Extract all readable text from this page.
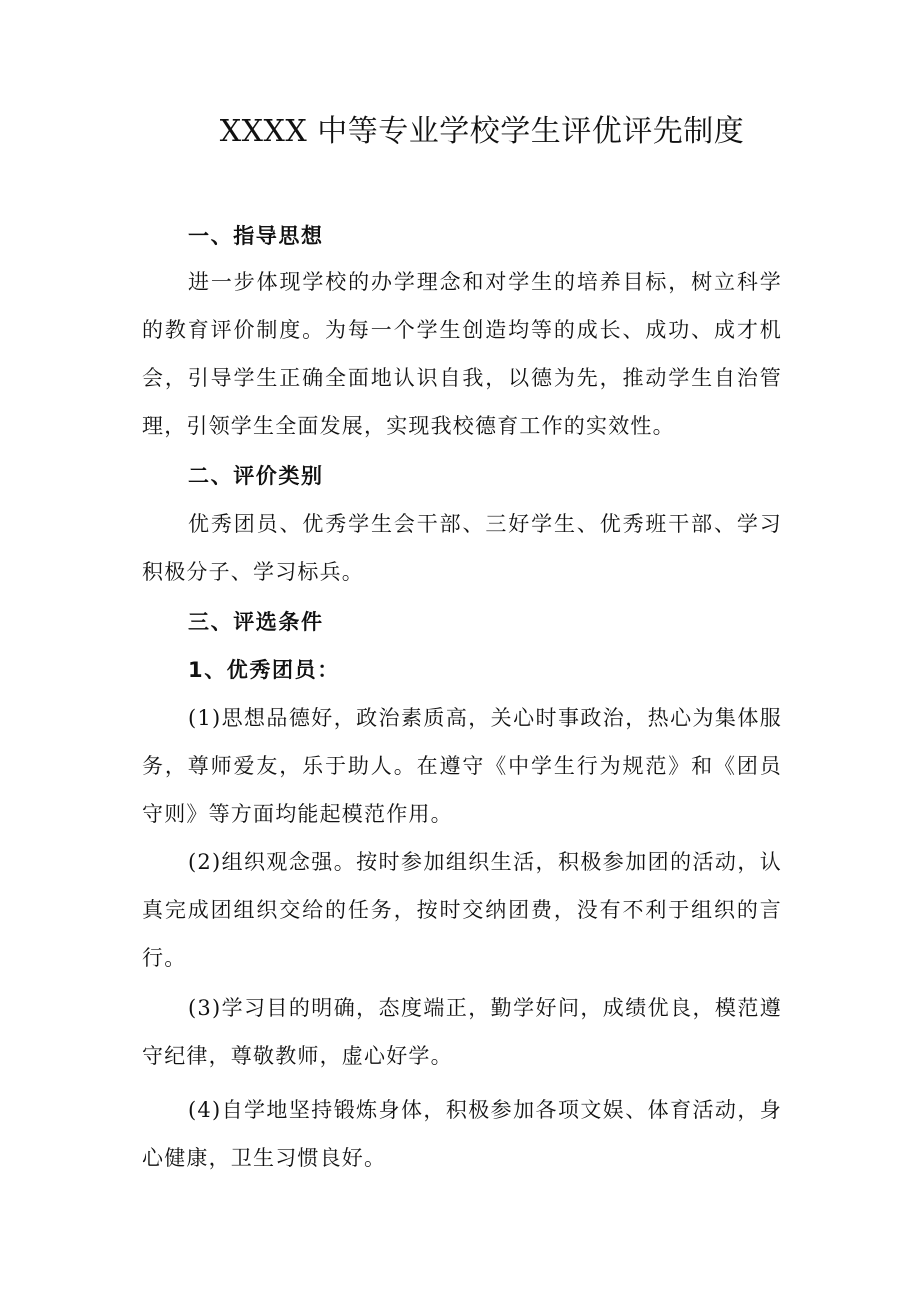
XXXX 中等专业学校学生评优评先制度

一、指导思想

进一步体现学校的办学理念和对学生的培养目标，树立科学的教育评价制度。为每一个学生创造均等的成长、成功、成才机会，引导学生正确全面地认识自我，以德为先，推动学生自治管理，引领学生全面发展，实现我校德育工作的实效性。

二、评价类别

优秀团员、优秀学生会干部、三好学生、优秀班干部、学习积极分子、学习标兵。

三、评选条件

1、优秀团员：

(1)思想品德好，政治素质高，关心时事政治，热心为集体服务，尊师爱友，乐于助人。在遵守《中学生行为规范》和《团员守则》等方面均能起模范作用。

(2)组织观念强。按时参加组织生活，积极参加团的活动，认真完成团组织交给的任务，按时交纳团费，没有不利于组织的言行。

(3)学习目的明确，态度端正，勤学好问，成绩优良，模范遵守纪律，尊敬教师，虚心好学。

(4)自学地坚持锻炼身体，积极参加各项文娱、体育活动，身心健康，卫生习惯良好。
